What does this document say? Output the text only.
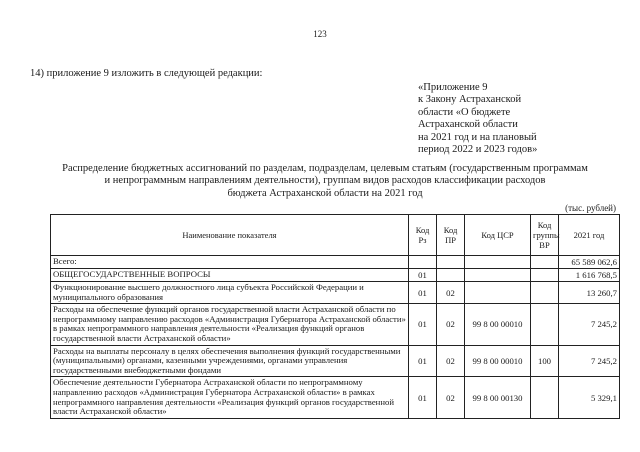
123
14) приложение 9 изложить в следующей редакции:
«Приложение 9
к Закону Астраханской
области «О бюджете
Астраханской области
на 2021 год и на плановый
период 2022 и 2023 годов»
Распределение бюджетных ассигнований по разделам, подразделам, целевым статьям (государственным программам
и непрограммным направлениям деятельности), группам видов расходов классификации расходов
бюджета Астраханской области на 2021 год
(тыс. рублей)
Наименование показателя	Код Рз	Код ПР	Код ЦСР	Код группы ВР	2021 год
Всего:					65 589 062,6
ОБЩЕГОСУДАРСТВЕННЫЕ ВОПРОСЫ	01				1 616 768,5
Функционирование высшего должностного лица субъекта Российской Федерации и муниципального образования	01	02			13 260,7
Расходы на обеспечение функций органов государственной власти Астраханской области по непрограммному направлению расходов «Администрация Губернатора Астраханской области» в рамках непрограммного направления деятельности «Реализация функций органов государственной власти Астраханской области»	01	02	99 8 00 00010		7 245,2
Расходы на выплаты персоналу в целях обеспечения выполнения функций государственными (муниципальными) органами, казенными учреждениями, органами управления государственными внебюджетными фондами	01	02	99 8 00 00010	100	7 245,2
Обеспечение деятельности Губернатора Астраханской области по непрограммному направлению расходов «Администрация Губернатора Астраханской области» в рамках непрограммного направления деятельности «Реализация функций органов государственной власти Астраханской области»	01	02	99 8 00 00130		5 329,1
